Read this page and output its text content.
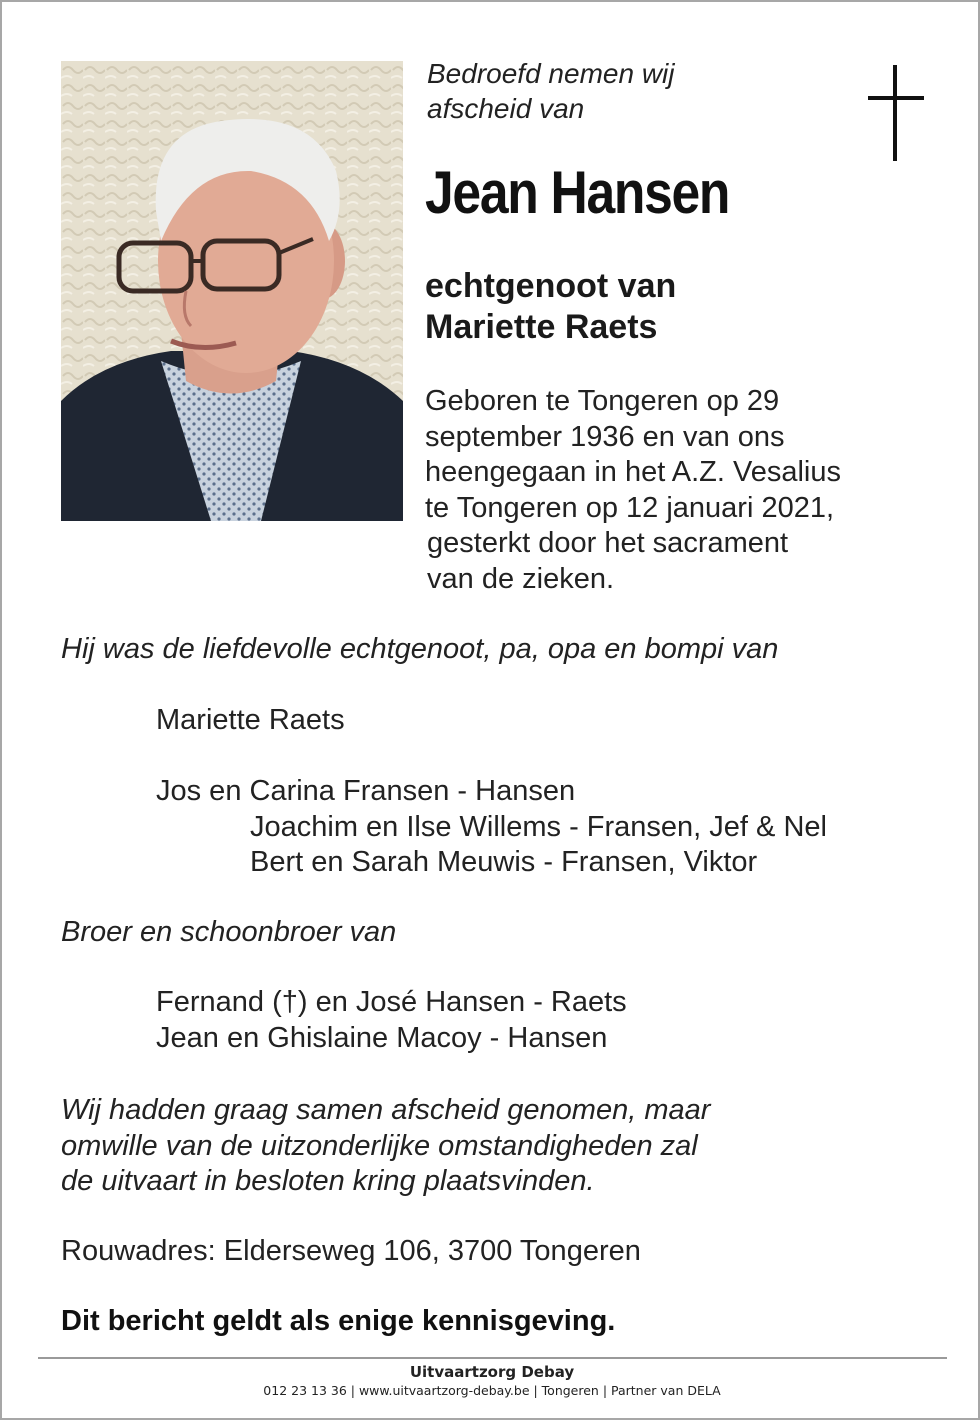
Bedroefd nemen wij
afscheid van
Jean Hansen
echtgenoot van
Mariette Raets
Geboren te Tongeren op 29
september 1936 en van ons
heengegaan in het A.Z. Vesalius
te Tongeren op 12 januari 2021,
gesterkt door het sacrament
van de zieken.
Hij was de liefdevolle echtgenoot, pa, opa en bompi van
Mariette Raets
Jos en Carina Fransen - Hansen
Joachim en Ilse Willems - Fransen, Jef & Nel
Bert en Sarah Meuwis - Fransen, Viktor
Broer en schoonbroer van
Fernand (†) en José Hansen - Raets
Jean en Ghislaine Macoy - Hansen
Wij hadden graag samen afscheid genomen, maar
omwille van de uitzonderlijke omstandigheden zal
de uitvaart in besloten kring plaatsvinden.
Rouwadres: Elderseweg 106, 3700 Tongeren
Dit bericht geldt als enige kennisgeving.
Uitvaartzorg Debay
012 23 13 36 | www.uitvaartzorg-debay.be | Tongeren | Partner van DELA
